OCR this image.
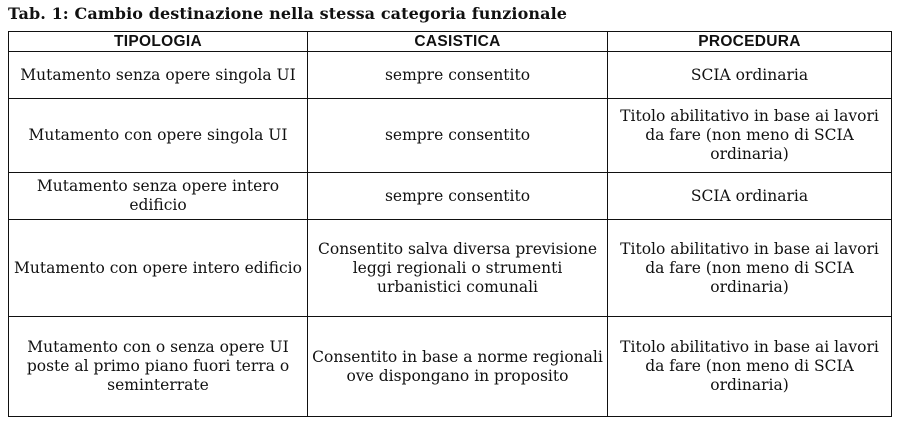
Tab. 1: Cambio destinazione nella stessa categoria funzionale
TIPOLOGIA	CASISTICA	PROCEDURA
Mutamento senza opere singola UI	sempre consentito	SCIA ordinaria
Mutamento con opere singola UI	sempre consentito	Titolo abilitativo in base ai lavori da fare (non meno di SCIA ordinaria)
Mutamento senza opere intero edificio	sempre consentito	SCIA ordinaria
Mutamento con opere intero edificio	Consentito salva diversa previsione leggi regionali o strumenti urbanistici comunali	Titolo abilitativo in base ai lavori da fare (non meno di SCIA ordinaria)
Mutamento con o senza opere UI poste al primo piano fuori terra o seminterrate	Consentito in base a norme regionali ove dispongano in proposito	Titolo abilitativo in base ai lavori da fare (non meno di SCIA ordinaria)
